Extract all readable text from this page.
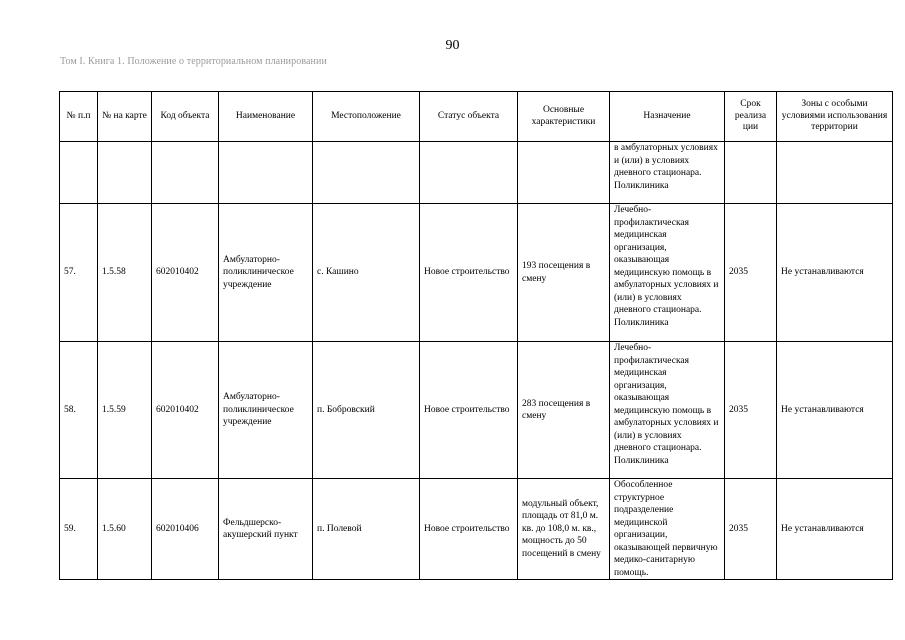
90
Том I. Книга 1. Положение о территориальном планировании
№ п.п	№ на карте	Код объекта	Наименование	Местоположение	Статус объекта	Основные характеристики	Назначение	Срок реализа ции	Зоны с особыми условиями использования территории
							в амбулаторных условиях и (или) в условиях дневного стационара. Поликлиника		
57.	1.5.58	602010402	Амбулаторно-поликлиническое учреждение	с. Кашино	Новое строительство	193 посещения в смену	Лечебно-профилактическая медицинская организация, оказывающая медицинскую помощь в амбулаторных условиях и (или) в условиях дневного стационара. Поликлиника	2035	Не устанавливаются
58.	1.5.59	602010402	Амбулаторно-поликлиническое учреждение	п. Бобровский	Новое строительство	283 посещения в смену	Лечебно-профилактическая медицинская организация, оказывающая медицинскую помощь в амбулаторных условиях и (или) в условиях дневного стационара. Поликлиника	2035	Не устанавливаются
59.	1.5.60	602010406	Фельдшерско-акушерский пункт	п. Полевой	Новое строительство	модульный объект, площадь от 81,0 м. кв. до 108,0 м. кв., мощность до 50 посещений в смену	Обособленное структурное подразделение медицинской организации, оказывающей первичную медико-санитарную помощь.	2035	Не устанавливаются
